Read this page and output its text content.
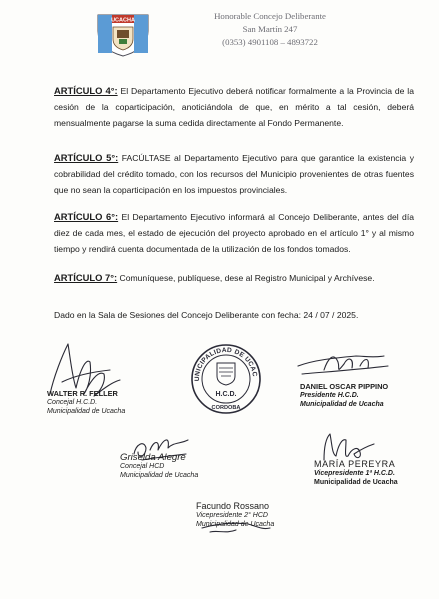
UCACHA	Honorable Concejo Deliberante
San Martín 247
(0353) 4901108 – 4893722
ARTÍCULO 4°: El Departamento Ejecutivo deberá notificar formalmente a la Provincia de la cesión de la coparticipación, anoticiándola de que, en mérito a tal cesión, deberá mensualmente pagarse la suma cedida directamente al Fondo Permanente.
ARTÍCULO 5°: FACÚLTASE al Departamento Ejecutivo para que garantice la existencia y cobrabilidad del crédito tomado, con los recursos del Municipio provenientes de otras fuentes que no sean la coparticipación en los impuestos provinciales.
ARTÍCULO 6°: El Departamento Ejecutivo informará al Concejo Deliberante, antes del día diez de cada mes, el estado de ejecución del proyecto aprobado en el artículo 1° y al mismo tiempo y rendirá cuenta documentada de la utilización de los fondos tomados.
ARTÍCULO 7°: Comuníquese, publíquese, dese al Registro Municipal y Archívese.
Dado en la Sala de Sesiones del Concejo Deliberante con fecha: 24 / 07 / 2025.
UNICIPALIDAD DE UCAC
H.C.D.
CORDOBA
WALTER R. FELLER
Concejal H.C.D.
Municipalidad de Ucacha
DANIEL OSCAR PIPPINO
Presidente H.C.D.
Municipalidad de Ucacha
Griselda Alegre
Concejal HCD
Municipalidad de Ucacha
MARÍA PEREYRA
Vicepresidente 1ª H.C.D.
Municipalidad de Ucacha
Facundo Rossano
Vicepresidente 2° HCD
Municipalidad de Ucacha
